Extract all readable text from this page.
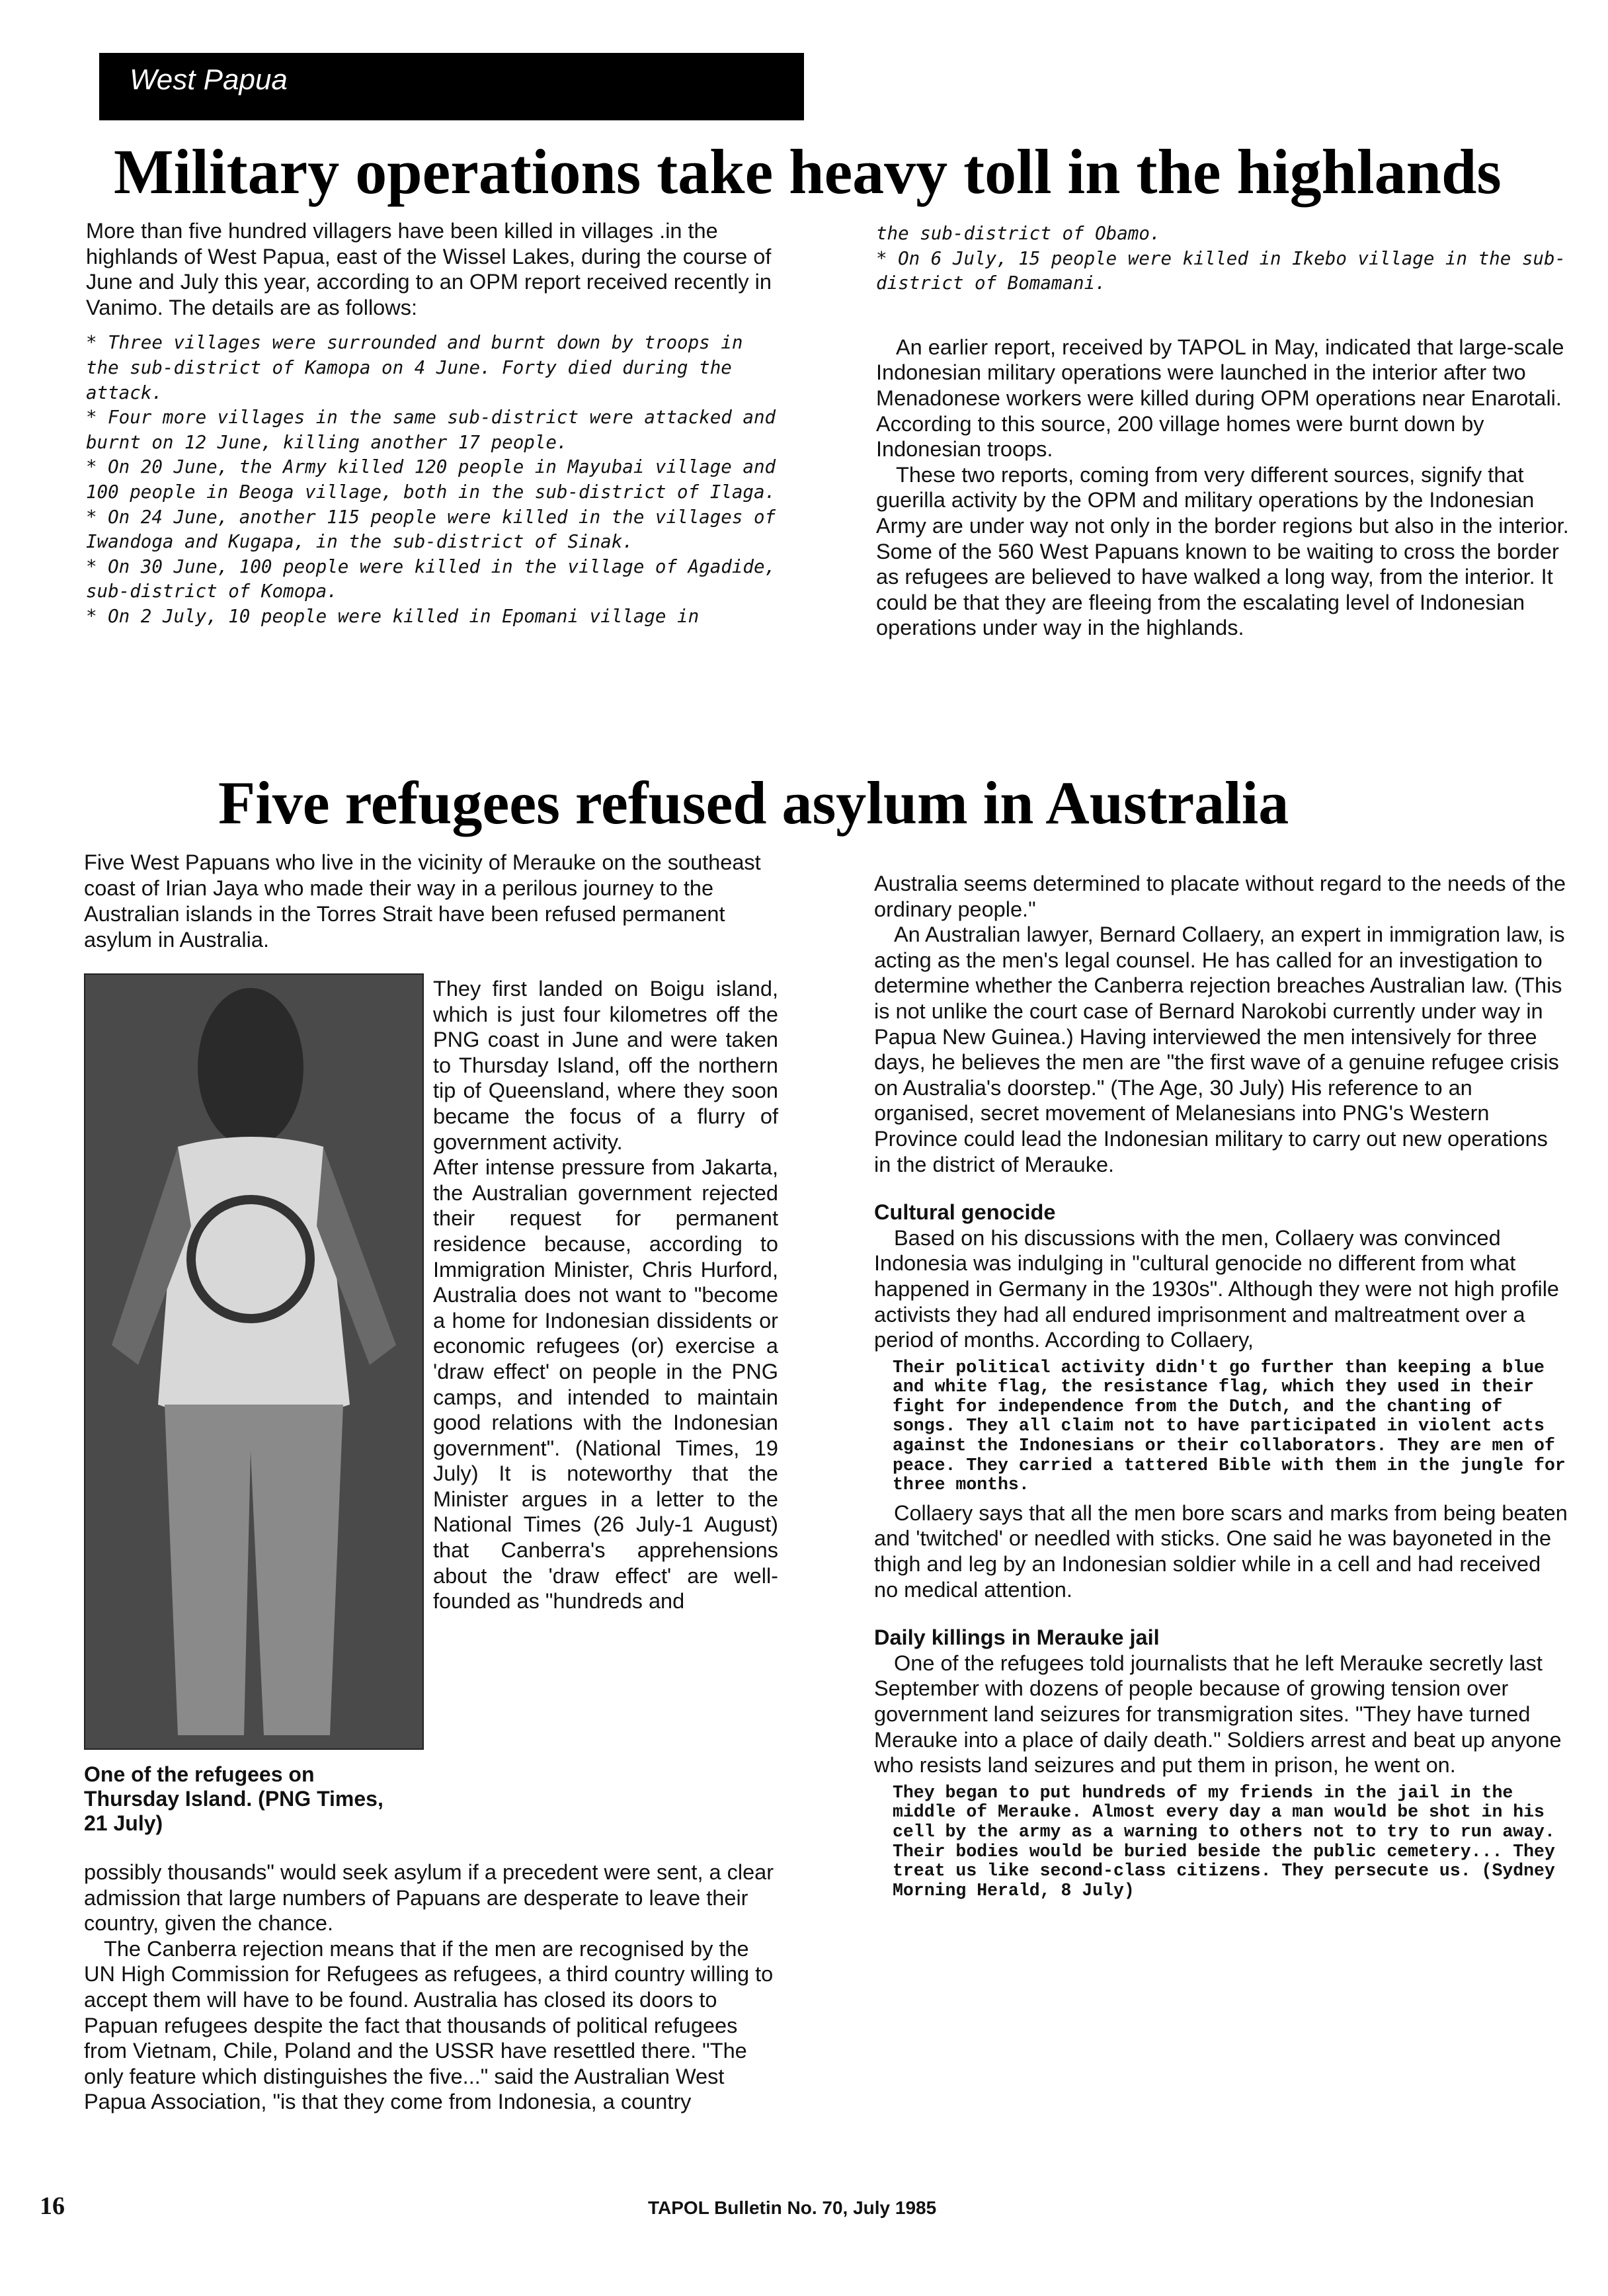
West Papua
Military operations take heavy toll in the highlands

More than five hundred villagers have been killed in villages .in the highlands of West Papua, east of the Wissel Lakes, during the course of June and July this year, according to an OPM report received recently in Vanimo. The details are as follows:

* Three villages were surrounded and burnt down by troops in the sub-district of Kamopa on 4 June. Forty died during the attack.

* Four more villages in the same sub-district were attacked and burnt on 12 June, killing another 17 people.

* On 20 June, the Army killed 120 people in Mayubai village and 100 people in Beoga village, both in the sub-district of Ilaga.

* On 24 June, another 115 people were killed in the villages of Iwandoga and Kugapa, in the sub-district of Sinak.

* On 30 June, 100 people were killed in the village of Agadide, sub-district of Komopa.

* On 2 July, 10 people were killed in Epomani village in

the sub-district of Obamo.

* On 6 July, 15 people were killed in Ikebo village in the sub-district of Bomamani.

An earlier report, received by TAPOL in May, indicated that large-scale Indonesian military operations were launched in the interior after two Menadonese workers were killed during OPM operations near Enarotali. According to this source, 200 village homes were burnt down by Indonesian troops.

These two reports, coming from very different sources, signify that guerilla activity by the OPM and military operations by the Indonesian Army are under way not only in the border regions but also in the interior. Some of the 560 West Papuans known to be waiting to cross the border as refugees are believed to have walked a long way, from the interior. It could be that they are fleeing from the escalating level of Indonesian operations under way in the highlands.

Five refugees refused asylum in Australia

Five West Papuans who live in the vicinity of Merauke on the southeast coast of Irian Jaya who made their way in a perilous journey to the Australian islands in the Torres Strait have been refused permanent asylum in Australia.

They first landed on Boigu island, which is just four kilometres off the PNG coast in June and were taken to Thursday Island, off the northern tip of Queensland, where they soon became the focus of a flurry of government activity.

After intense pressure from Jakarta, the Australian government rejected their request for permanent residence because, according to Immigration Minister, Chris Hurford, Australia does not want to "become a home for Indonesian dissidents or economic refugees (or) exercise a 'draw effect' on people in the PNG camps, and intended to maintain good relations with the Indonesian government". (National Times, 19 July) It is noteworthy that the Minister argues in a letter to the National Times (26 July-1 August) that Canberra's apprehensions about the 'draw effect' are well-founded as "hundreds and

One of the refugees on Thursday Island. (PNG Times, 21 July)

possibly thousands" would seek asylum if a precedent were sent, a clear admission that large numbers of Papuans are desperate to leave their country, given the chance.

The Canberra rejection means that if the men are recognised by the UN High Commission for Refugees as refugees, a third country willing to accept them will have to be found. Australia has closed its doors to Papuan refugees despite the fact that thousands of political refugees from Vietnam, Chile, Poland and the USSR have resettled there. "The only feature which distinguishes the five..." said the Australian West Papua Association, "is that they come from Indonesia, a country

Australia seems determined to placate without regard to the needs of the ordinary people."

An Australian lawyer, Bernard Collaery, an expert in immigration law, is acting as the men's legal counsel. He has called for an investigation to determine whether the Canberra rejection breaches Australian law. (This is not unlike the court case of Bernard Narokobi currently under way in Papua New Guinea.) Having interviewed the men intensively for three days, he believes the men are "the first wave of a genuine refugee crisis on Australia's doorstep." (The Age, 30 July) His reference to an organised, secret movement of Melanesians into PNG's Western Province could lead the Indonesian military to carry out new operations in the district of Merauke.

Cultural genocide

Based on his discussions with the men, Collaery was convinced Indonesia was indulging in "cultural genocide no different from what happened in Germany in the 1930s". Although they were not high profile activists they had all endured imprisonment and maltreatment over a period of months. According to Collaery,

Their political activity didn't go further than keeping a blue and white flag, the resistance flag, which they used in their fight for independence from the Dutch, and the chanting of songs. They all claim not to have participated in violent acts against the Indonesians or their collaborators. They are men of peace. They carried a tattered Bible with them in the jungle for three months.

Collaery says that all the men bore scars and marks from being beaten and 'twitched' or needled with sticks. One said he was bayoneted in the thigh and leg by an Indonesian soldier while in a cell and had received no medical attention.

Daily killings in Merauke jail

One of the refugees told journalists that he left Merauke secretly last September with dozens of people because of growing tension over government land seizures for transmigration sites. "They have turned Merauke into a place of daily death." Soldiers arrest and beat up anyone who resists land seizures and put them in prison, he went on.

They began to put hundreds of my friends in the jail in the middle of Merauke. Almost every day a man would be shot in his cell by the army as a warning to others not to try to run away. Their bodies would be buried beside the public cemetery... They treat us like second-class citizens. They persecute us. (Sydney Morning Herald, 8 July)

16	TAPOL Bulletin No. 70, July 1985
